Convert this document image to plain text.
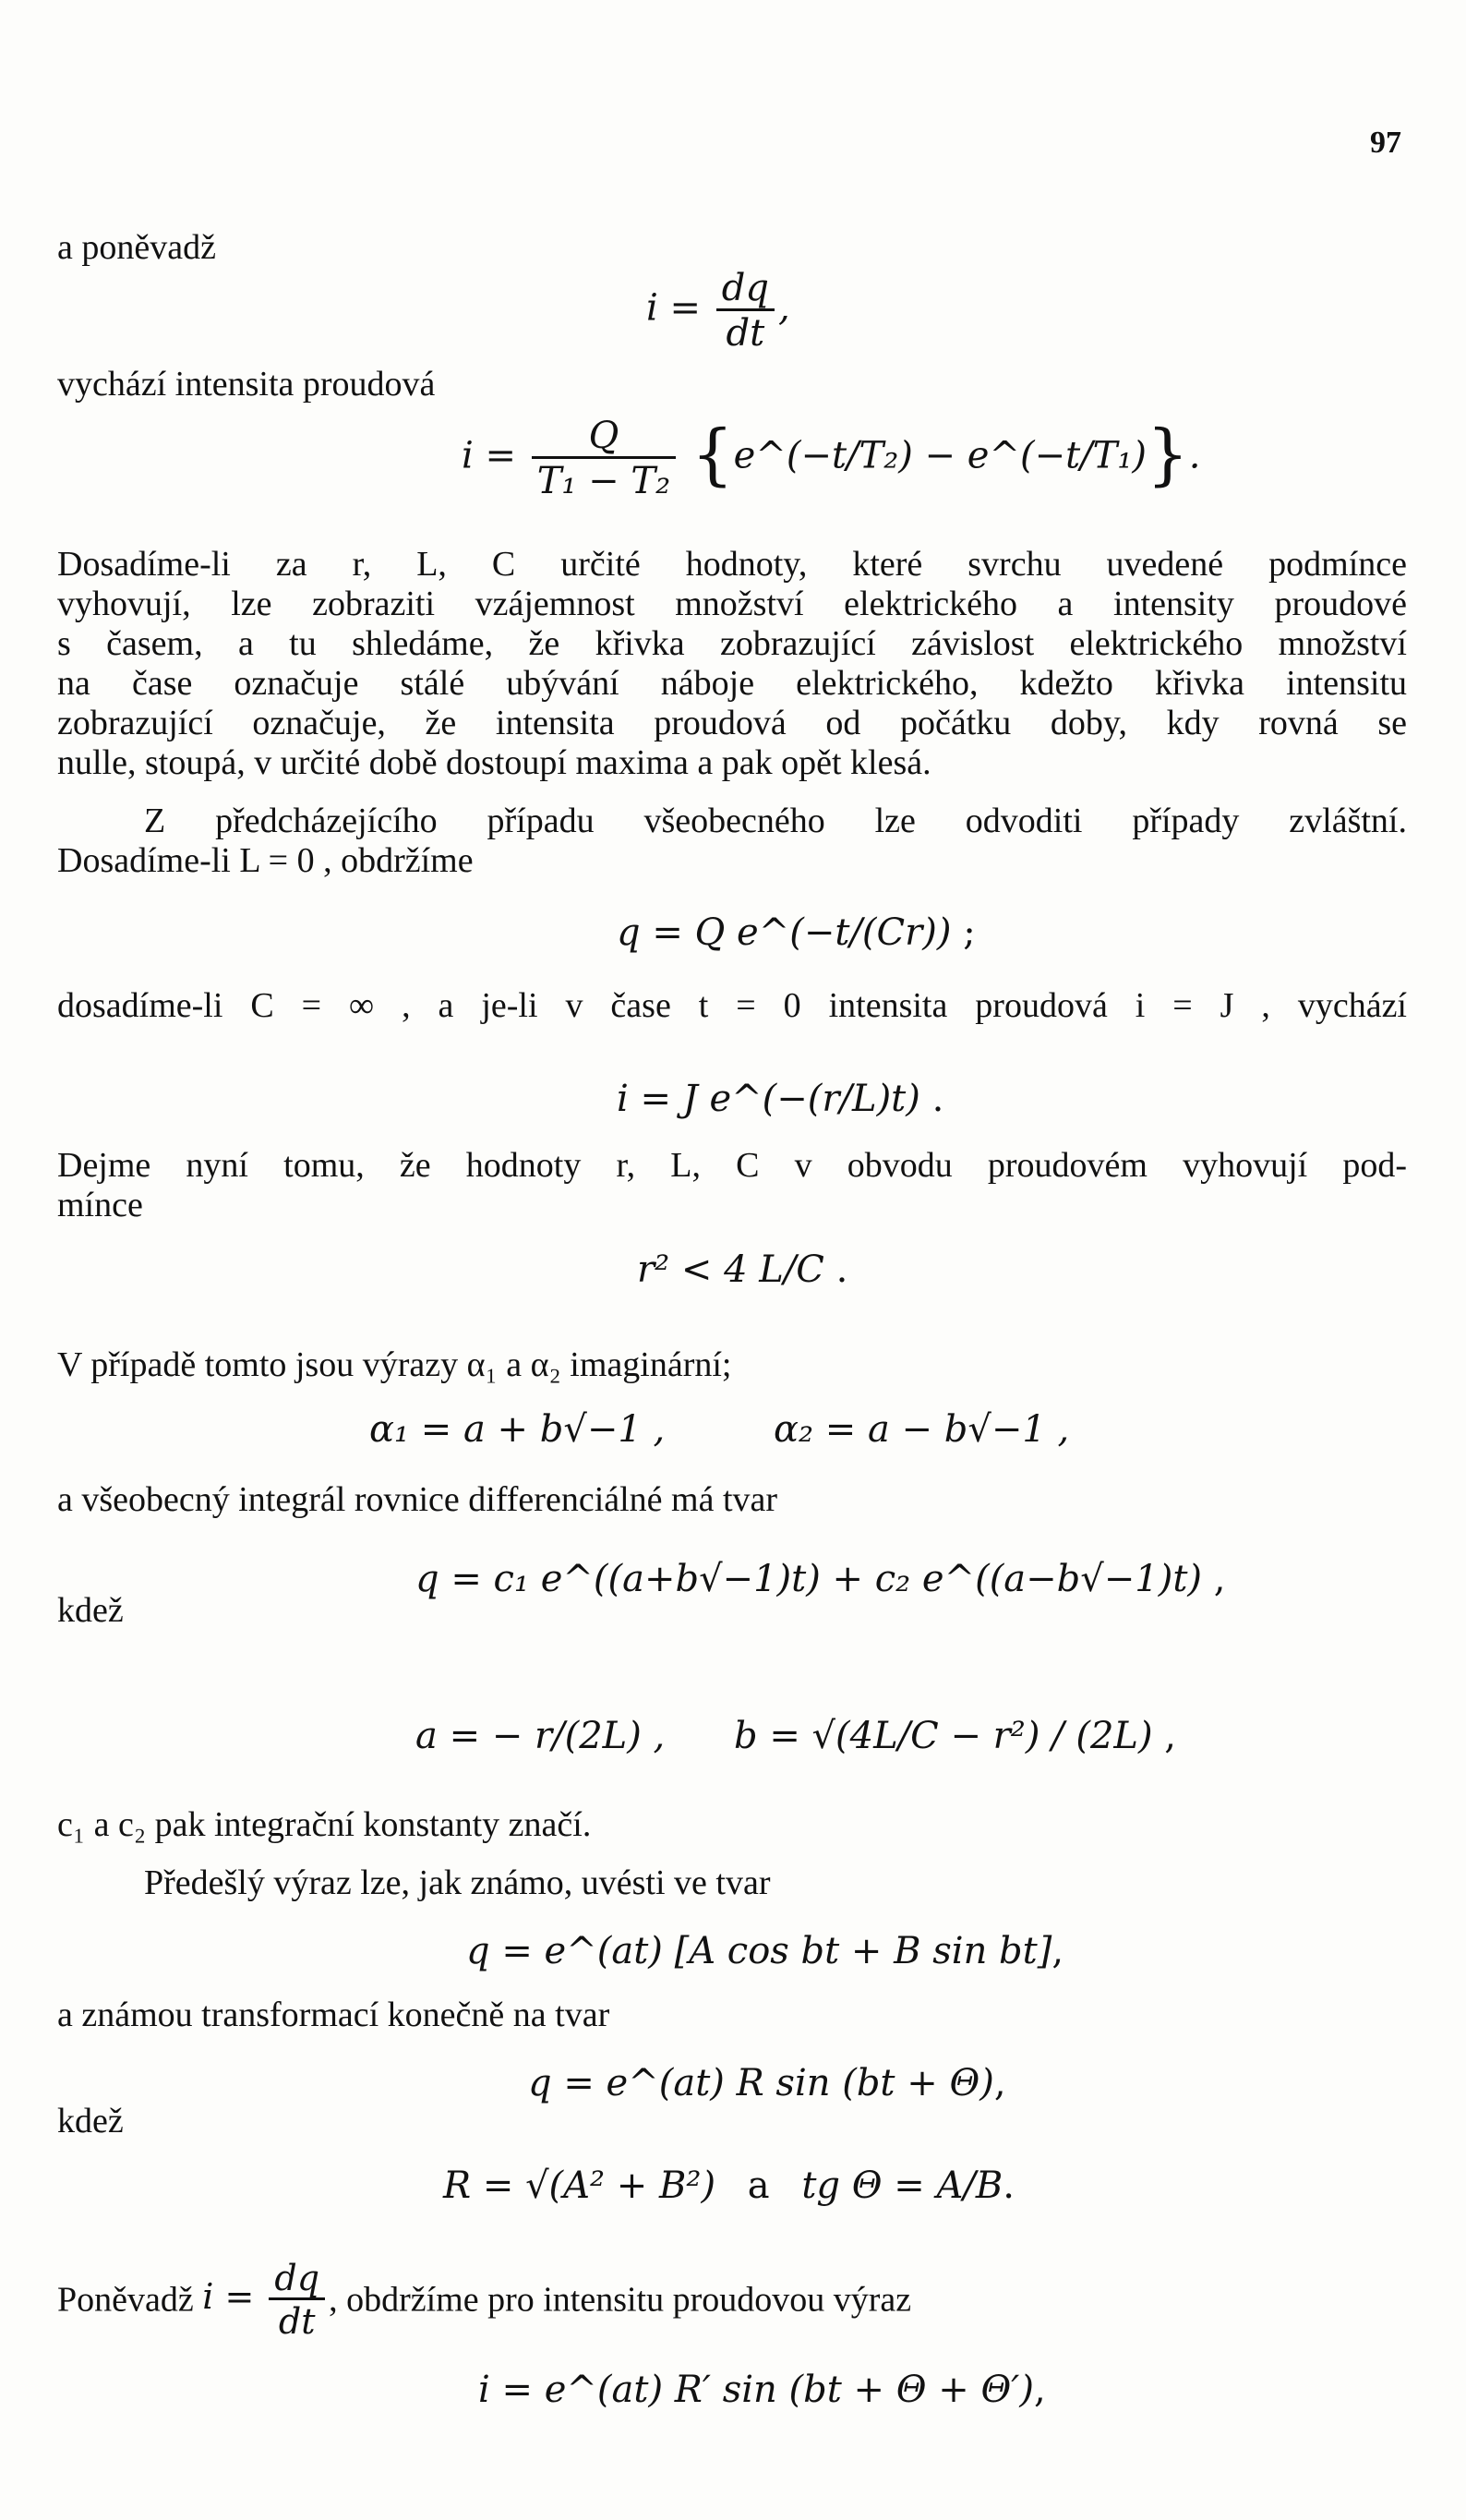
97
a poněvadž
$i = \frac{dq}{dt}$ ,
vychází intensita proudová
$i = \frac{Q}{\text{T₁ − T₂}}$ {e^(−t/T₂) − e^(−t/T₁)}.
Dosadíme-li za r, L, C určité hodnoty, které svrchu uvedené podmínce
vyhovují, lze zobraziti vzájemnost množství elektrického a intensity proudové
s časem, a tu shledáme, že křivka zobrazující závislost elektrického množství
na čase označuje stálé ubývání náboje elektrického, kdežto křivka intensitu
zobrazující označuje, že intensita proudová od počátku doby, kdy rovná se
nulle, stoupá, v určité době dostoupí maxima a pak opět klesá.
Z předcházejícího případu všeobecného lze odvoditi případy zvláštní.
Dosadíme-li L = 0 , obdržíme
q = Q e^(−t/(Cr)) ;
dosadíme-li C = ∞ , a je-li v čase t = 0 intensita proudová i = J , vychází
i = J e^(−(r/L)t) .
Dejme nyní tomu, že hodnoty r, L, C v obvodu proudovém vyhovují pod-
mínce
r² < 4 L/C .
V případě tomto jsou výrazy α₁ a α₂ imaginární;
α₁ = a + b√−1 ,	α₂ = a − b√−1 ,
a všeobecný integrál rovnice differenciálné má tvar
q = c₁ e^((a+b√−1)t) + c₂ e^((a−b√−1)t) ,
kdež
a = − r/(2L) , b = √(4L/C − r²) / (2L) ,
c₁ a c₂ pak integrační konstanty značí.
Předešlý výraz lze, jak známo, uvésti ve tvar
q = e^(at) [A cos bt + B sin bt],
a známou transformací konečně na tvar
q = e^(at) R sin (bt + Θ),
kdež
R = √(A² + B²) a tg Θ = A/B.
Poněvadž $i = \frac{dq}{dt}$ , obdržíme pro intensitu proudovou výraz
i = e^(at) R′ sin (bt + Θ + Θ′),
